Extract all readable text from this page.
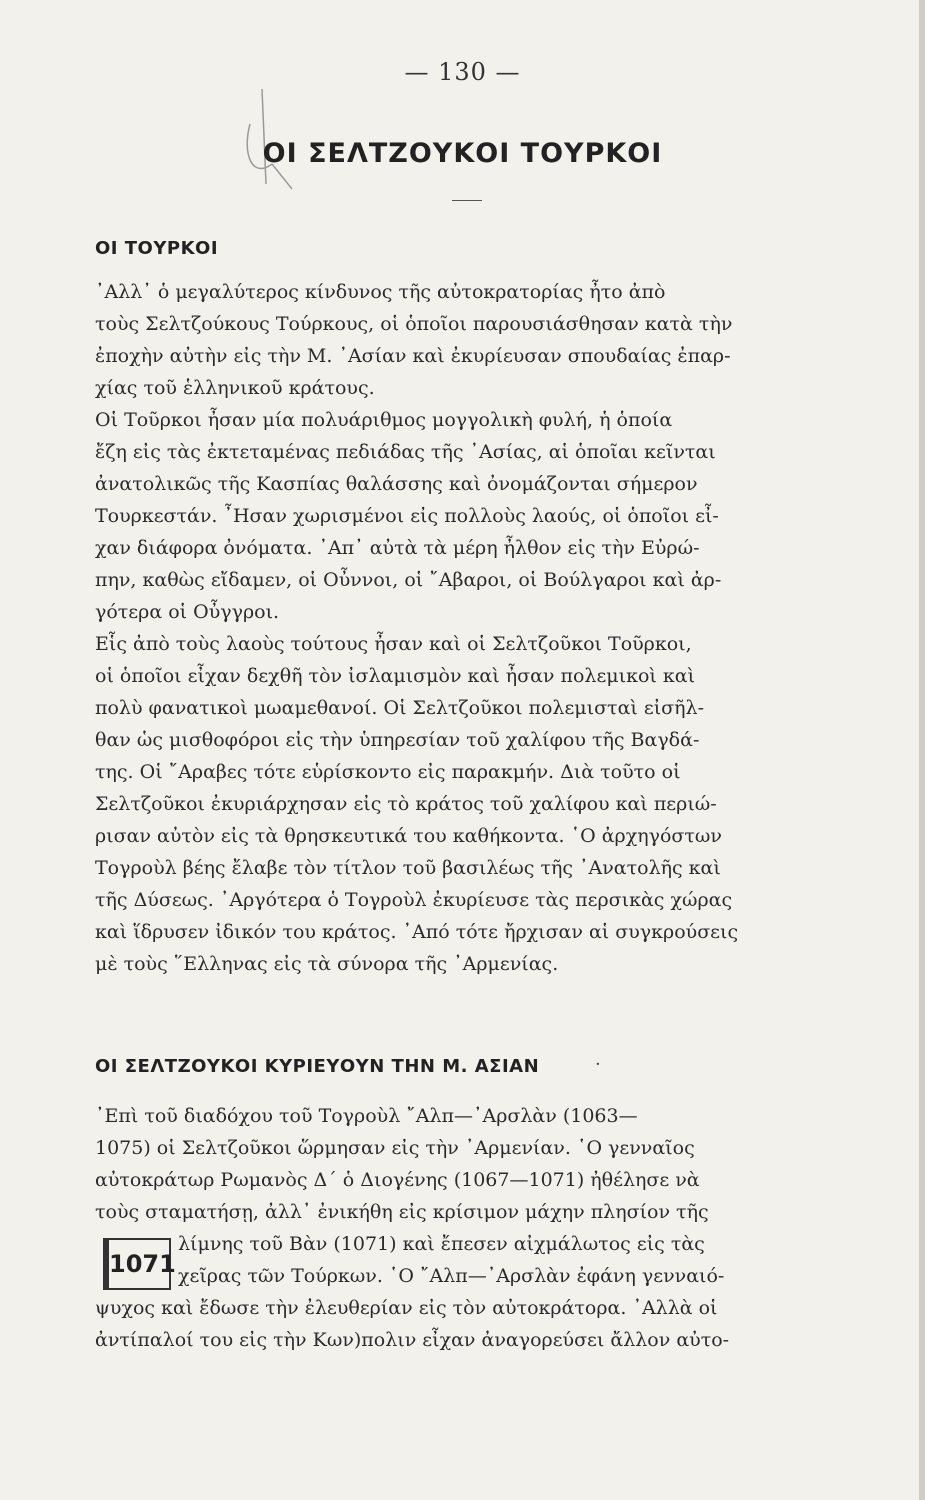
— 130 —
ΟΙ ΣΕΛΤΖΟΥΚΟΙ ΤΟΥΡΚΟΙ
ΟΙ ΤΟΥΡΚΟΙ
᾿Αλλ᾿ ὁ μεγαλύτερος κίνδυνος τῆς αὐτοκρατορίας ἦτο ἀπὸ
τοὺς Σελτζούκους Τούρκους, οἱ ὁποῖοι παρουσιάσθησαν κατὰ τὴν
ἐποχὴν αὐτὴν εἰς τὴν Μ. ᾿Ασίαν καὶ ἐκυρίευσαν σπουδαίας ἐπαρ-
χίας τοῦ ἑλληνικοῦ κράτους.
Οἱ Τοῦρκοι ἦσαν μία πολυάριθμος μογγολικὴ φυλή, ἡ ὁποία
ἔζη εἰς τὰς ἐκτεταμένας πεδιάδας τῆς ᾿Ασίας, αἱ ὁποῖαι κεῖνται
ἀνατολικῶς τῆς Κασπίας θαλάσσης καὶ ὀνομάζονται σήμερον
Τουρκεστάν. ῏Ησαν χωρισμένοι εἰς πολλοὺς λαούς, οἱ ὁποῖοι εἶ-
χαν διάφορα ὀνόματα. ᾿Απ᾿ αὐτὰ τὰ μέρη ἦλθον εἰς τὴν Εὐρώ-
πην, καθὼς εἴδαμεν, οἱ Οὖννοι, οἱ ῎Αβαροι, οἱ Βούλγαροι καὶ ἀρ-
γότερα οἱ Οὖγγροι.
Εἷς ἀπὸ τοὺς λαοὺς τούτους ἦσαν καὶ οἱ Σελτζοῦκοι Τοῦρκοι,
οἱ ὁποῖοι εἶχαν δεχθῆ τὸν ἰσλαμισμὸν καὶ ἦσαν πολεμικοὶ καὶ
πολὺ φανατικοὶ μωαμεθανοί. Οἱ Σελτζοῦκοι πολεμισταὶ εἰσῆλ-
θαν ὡς μισθοφόροι εἰς τὴν ὑπηρεσίαν τοῦ χαλίφου τῆς Βαγδά-
της. Οἱ ῎Αραβες τότε εὑρίσκοντο εἰς παρακμήν. Διὰ τοῦτο οἱ
Σελτζοῦκοι ἐκυριάρχησαν εἰς τὸ κράτος τοῦ χαλίφου καὶ περιώ-
ρισαν αὐτὸν εἰς τὰ θρησκευτικά του καθήκοντα. ῾Ο ἀρχηγόστων
Τογροὺλ βέης ἔλαβε τὸν τίτλον τοῦ βασιλέως τῆς ᾿Ανατολῆς καὶ
τῆς Δύσεως. ᾿Αργότερα ὁ Τογροὺλ ἐκυρίευσε τὰς περσικὰς χώρας
καὶ ἵδρυσεν ἰδικόν του κράτος. ᾿Από τότε ἤρχισαν αἱ συγκρούσεις
μὲ τοὺς ῞Ελληνας εἰς τὰ σύνορα τῆς ᾿Αρμενίας.
ΟΙ ΣΕΛΤΖΟΥΚΟΙ ΚΥΡΙΕΥΟΥΝ ΤΗΝ Μ. ΑΣΙΑΝ	·
᾿Επὶ τοῦ διαδόχου τοῦ Τογροὺλ ῎Αλπ—᾿Αρσλὰν (1063—
1075) οἱ Σελτζοῦκοι ὥρμησαν εἰς τὴν ᾿Αρμενίαν. ῾Ο γενναῖος
αὐτοκράτωρ Ρωμανὸς Δ΄ ὁ Διογένης (1067—1071) ἠθέλησε νὰ
τοὺς σταματήσῃ, ἀλλ᾿ ἐνικήθη εἰς κρίσιμον μάχην πλησίον τῆς
1071
λίμνης τοῦ Βὰν (1071) καὶ ἔπεσεν αἰχμάλωτος εἰς τὰς
χεῖρας τῶν Τούρκων. ῾Ο ῎Αλπ—᾿Αρσλὰν ἐφάνη γενναιό-
ψυχος καὶ ἔδωσε τὴν ἐλευθερίαν εἰς τὸν αὐτοκράτορα. ᾿Αλλὰ οἱ
ἀντίπαλοί του εἰς τὴν Κων)πολιν εἶχαν ἀναγορεύσει ἄλλον αὐτο-
